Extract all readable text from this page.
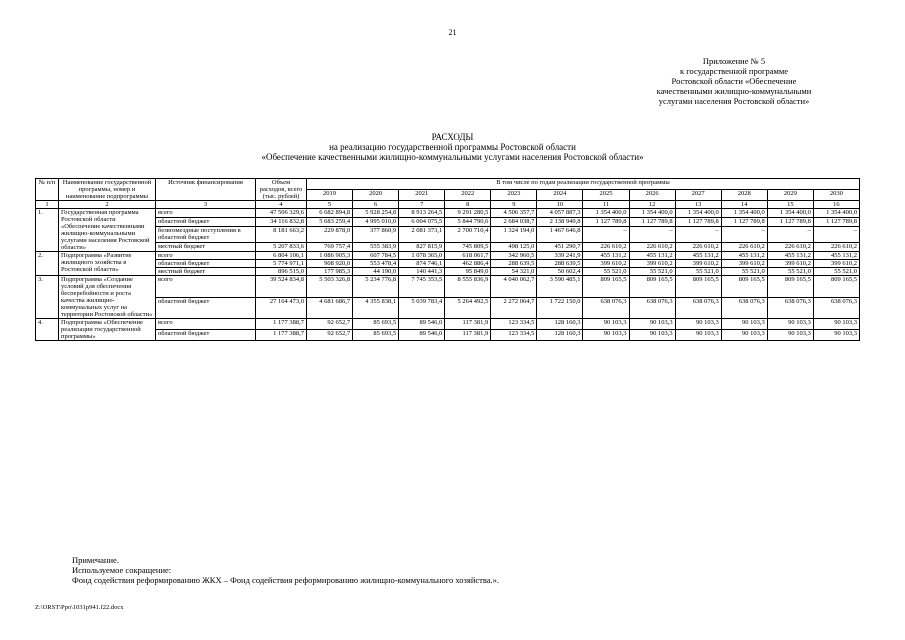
21
Приложение № 5
к государственной программе
Ростовской области «Обеспечение
качественными жилищно-коммунальными
услугами населения Ростовской области»
РАСХОДЫ
на реализацию государственной программы Ростовской области
«Обеспечение качественными жилищно-коммунальными услугами населения Ростовской области»
№ п/п	Наименование государственной программы, номер и наименование подпрограммы	Источник финансирования	Объем расходов, всего (тыс. рублей)	В том числе по годам реализации государственной программы											
				2019	2020	2021	2022	2023	2024	2025	2026	2027	2028	2029	2030
1	2	3	4	5	6	7	8	9	10	11	12	13	14	15	16
1.	Государственная программа Ростовской области «Обеспечение качественными жилищно-коммунальными услугами населения Ростовской области»	всего	47 506 329,6	6 682 894,8	5 928 254,8	8 913 264,5	9 291 280,5	4 506 357,7	4 057 887,3	1 354 400,0	1 354 400,0	1 354 400,0	1 354 400,0	1 354 400,0	1 354 400,0
		областной бюджет	34 116 832,8	5 683 259,4	4 995 010,0	6 004 075,5	5 844 790,6	2 684 038,7	2 138 949,8	1 127 789,8	1 127 789,8	1 127 789,8	1 127 789,8	1 127 789,8	1 127 789,8
		безвозмездные поступления в областной бюджет	8 181 663,2	229 878,0	377 860,9	2 081 373,1	2 700 710,4	1 324 194,0	1 467 646,8	–	–	–	–	–	–
		местный бюджет	5 207 833,6	769 757,4	555 383,9	827 815,9	745 809,5	498 125,0	451 290,7	226 610,2	226 610,2	226 610,2	226 610,2	226 610,2	226 610,2
2.	Подпрограмма «Развитие жилищного хозяйства в Ростовской области»	всего	6 804 106,1	1 086 905,3	607 784,5	1 078 365,0	618 061,7	342 960,5	339 241,9	455 131,2	455 131,2	455 131,2	455 131,2	455 131,2	455 131,2
		областной бюджет	5 774 971,1	908 920,0	553 478,4	874 746,1	462 886,4	288 639,5	288 639,5	399 610,2	399 610,2	399 610,2	399 610,2	399 610,2	399 610,2
		местный бюджет	896 515,0	177 985,3	44 190,0	140 441,3	95 849,0	54 321,0	50 602,4	55 521,0	55 521,0	55 521,0	55 521,0	55 521,0	55 521,0
3.	Подпрограмма «Создание условий для обеспечения бесперебойности и роста качества жилищно-коммунальных услуг на территории Ростовской области»	всего	39 524 834,8	5 503 326,8	5 234 776,8	7 745 353,5	8 555 836,9	4 040 062,7	3 590 485,1	809 165,5	809 165,5	809 165,5	809 165,5	809 165,5	809 165,5
		областной бюджет	27 164 473,0	4 681 686,7	4 355 838,1	5 039 783,4	5 264 492,5	2 272 064,7	1 722 150,0	638 076,3	638 076,3	638 076,3	638 076,3	638 076,3	638 076,3
4.	Подпрограмма «Обеспечение реализации государственной программы»	всего	1 177 388,7	92 652,7	85 693,5	89 546,0	117 381,9	123 334,5	128 160,3	90 103,3	90 103,3	90 103,3	90 103,3	90 103,3	90 103,3
		областной бюджет	1 177 388,7	92 652,7	85 693,5	89 546,0	117 381,9	123 334,5	128 160,3	90 103,3	90 103,3	90 103,3	90 103,3	90 103,3	90 103,3
Примечание.
Используемое сокращение:
Фонд содействия реформированию ЖКХ – Фонд содействия реформированию жилищно-коммунального хозяйства.».
Z:\ORST\Ppo\1031p941.f22.docx
